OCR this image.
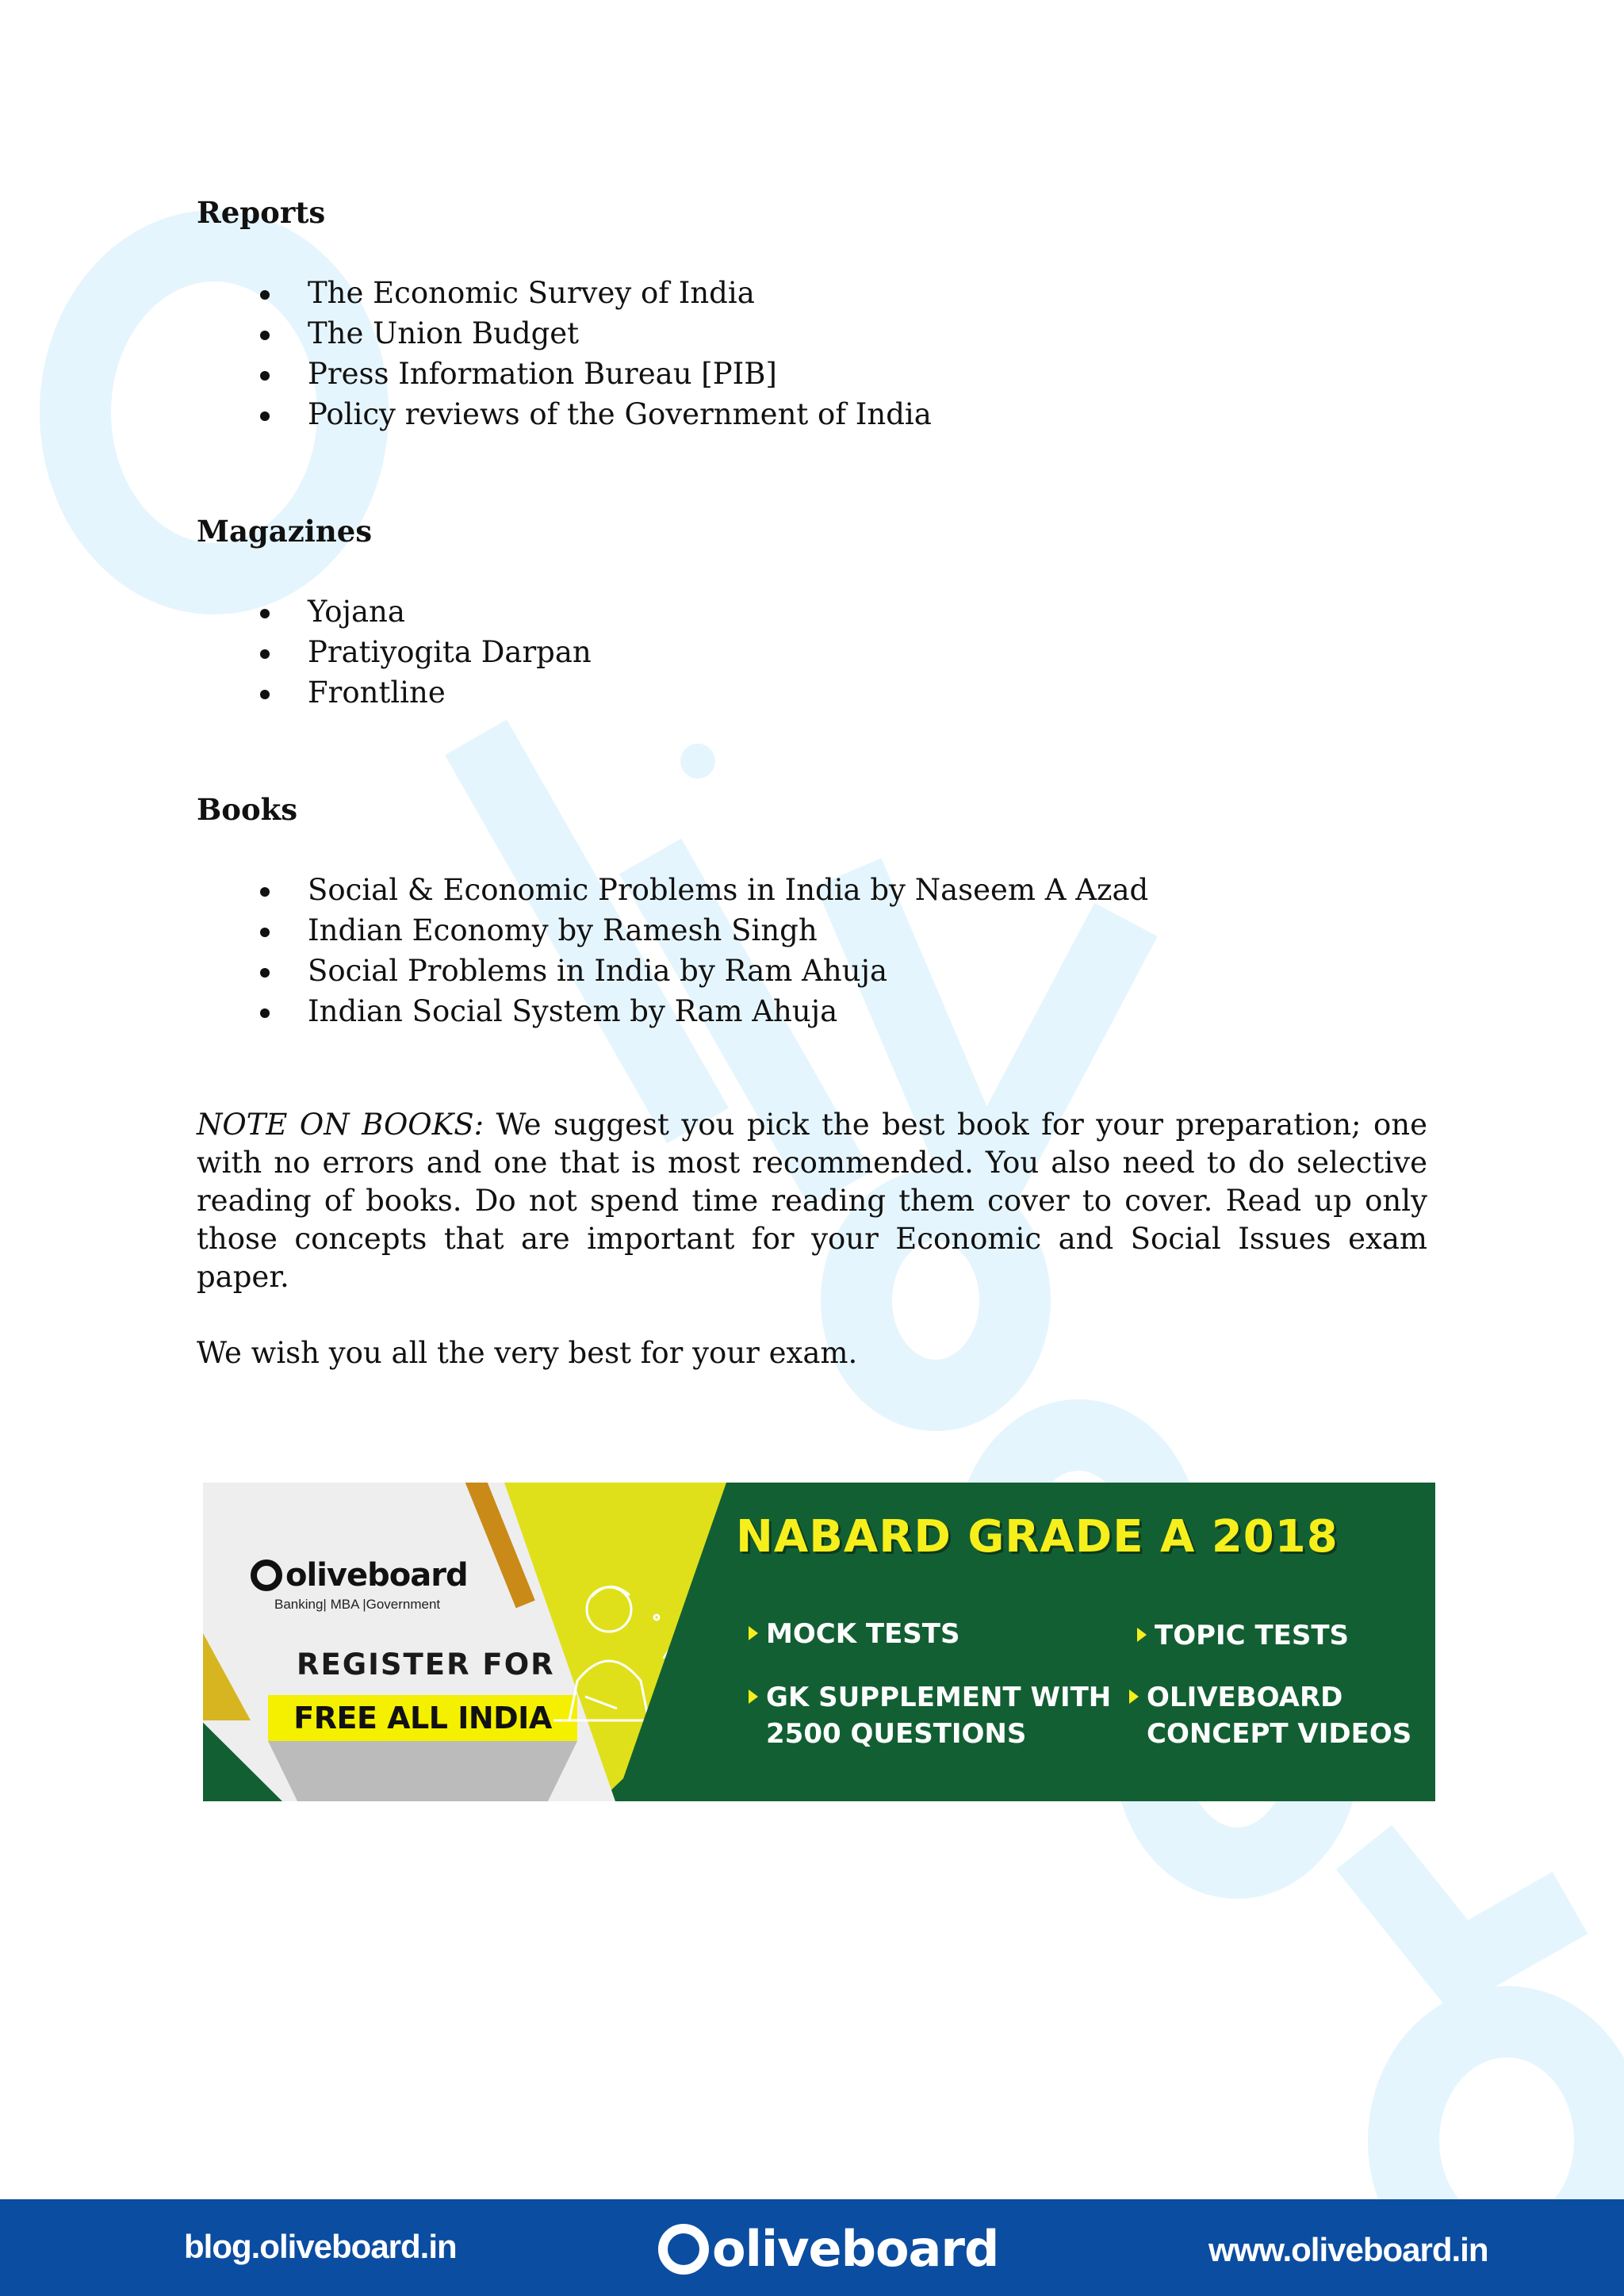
Reports
The Economic Survey of India
The Union Budget
Press Information Bureau [PIB]
Policy reviews of the Government of India
Magazines
Yojana
Pratiyogita Darpan
Frontline
Books
Social & Economic Problems in India by Naseem A Azad
Indian Economy by Ramesh Singh
Social Problems in India by Ram Ahuja
Indian Social System by Ram Ahuja

NOTE ON BOOKS: We suggest you pick the best book for your preparation; one with no errors and one that is most recommended. You also need to do selective reading of books. Do not spend time reading them cover to cover. Read up only those concepts that are important for your Economic and Social Issues exam paper.

We wish you all the very best for your exam.

oliveboard
Banking| MBA |Government
REGISTER FOR
FREE ALL INDIA
NABARD GRADE A 2018
MOCK TESTS	TOPIC TESTS
GK SUPPLEMENT WITH
2500 QUESTIONS
OLIVEBOARD
CONCEPT VIDEOS
blog.oliveboard.in	oliveboard	www.oliveboard.in
